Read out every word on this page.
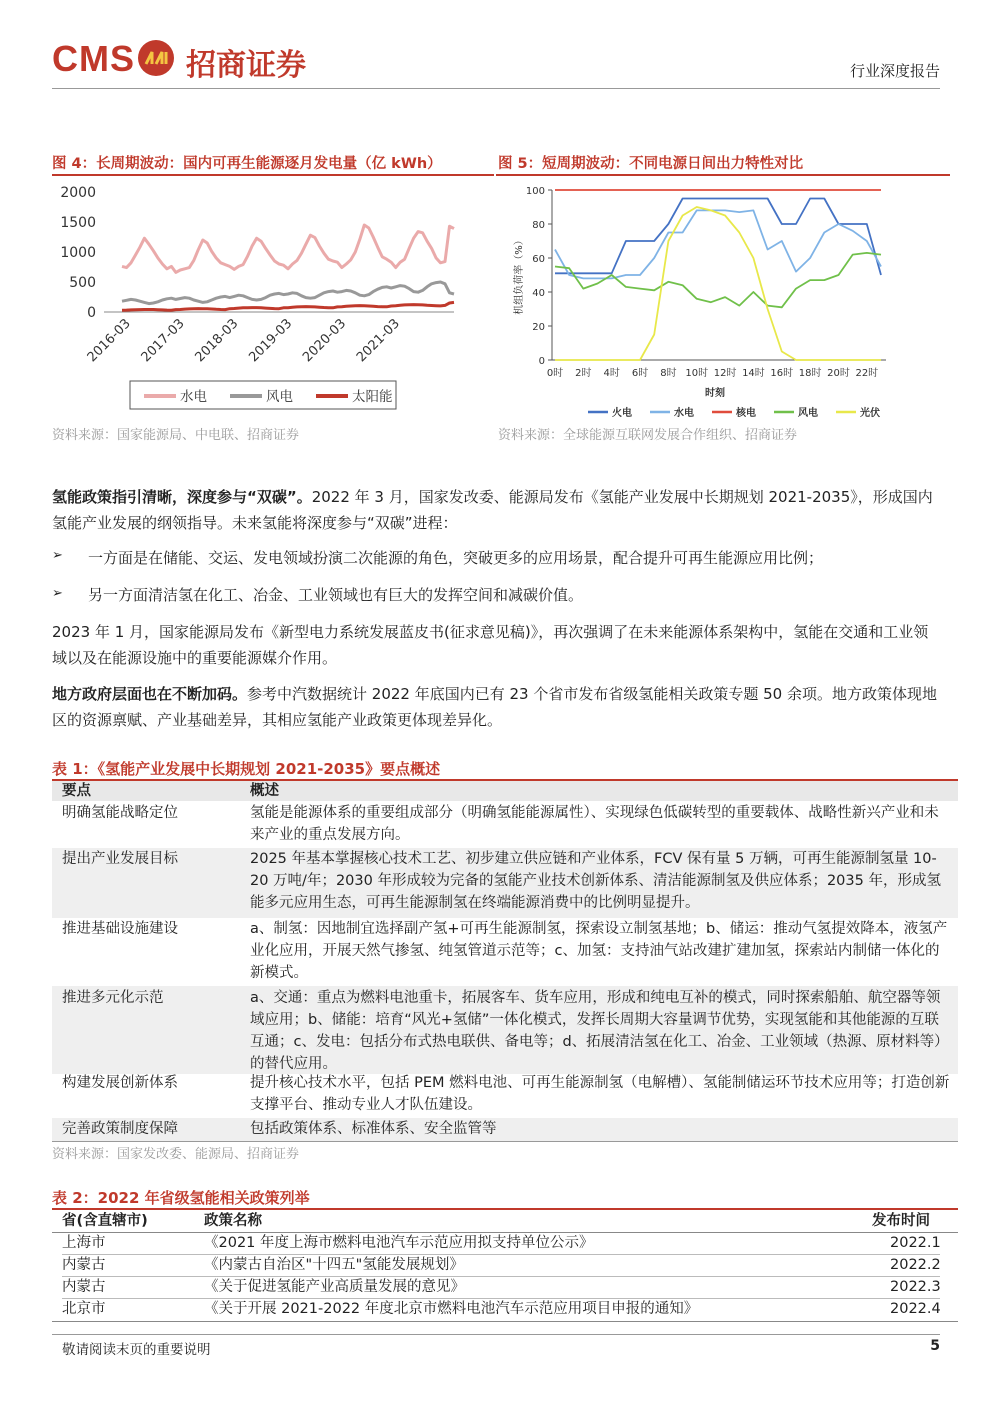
CMS 招商证券	行业深度报告
图 4：长周期波动：国内可再生能源逐月发电量（亿 kWh）	图 5：短周期波动：不同电源日间出力特性对比
0
500
1000
1500
2000
2016-03 2017-03 2018-03 2019-03 2020-03 2021-03
水电	风电	太阳能
0
20
40
60
80
100
机组负荷率（%）
0时 2时 4时 6时 8时 10时 12时 14时 16时 18时 20时 22时
时刻
火电	水电	核电	风电	光伏
资料来源：国家能源局、中电联、招商证券	资料来源：全球能源互联网发展合作组织、招商证券
氢能政策指引清晰，深度参与“双碳”。2022 年 3 月，国家发改委、能源局发布《氢能产业发展中长期规划 2021-2035》，形成国内氢能产业发展的纲领指导。未来氢能将深度参与“双碳”进程：
➢ 一方面是在储能、交运、发电领域扮演二次能源的角色，突破更多的应用场景，配合提升可再生能源应用比例；
➢ 另一方面清洁氢在化工、冶金、工业领域也有巨大的发挥空间和减碳价值。
2023 年 1 月，国家能源局发布《新型电力系统发展蓝皮书(征求意见稿)》，再次强调了在未来能源体系架构中，氢能在交通和工业领域以及在能源设施中的重要能源媒介作用。
地方政府层面也在不断加码。参考中汽数据统计 2022 年底国内已有 23 个省市发布省级氢能相关政策专题 50 余项。地方政策体现地区的资源禀赋、产业基础差异，其相应氢能产业政策更体现差异化。
表 1：《氢能产业发展中长期规划 2021-2035》要点概述
要点	概述
明确氢能战略定位	氢能是能源体系的重要组成部分（明确氢能能源属性）、实现绿色低碳转型的重要载体、战略性新兴产业和未来产业的重点发展方向。
提出产业发展目标	2025 年基本掌握核心技术工艺、初步建立供应链和产业体系，FCV 保有量 5 万辆，可再生能源制氢量 10-20 万吨/年；2030 年形成较为完备的氢能产业技术创新体系、清洁能源制氢及供应体系；2035 年，形成氢能多元应用生态，可再生能源制氢在终端能源消费中的比例明显提升。
推进基础设施建设	a、制氢：因地制宜选择副产氢+可再生能源制氢，探索设立制氢基地；b、储运：推动气氢提效降本，液氢产业化应用，开展天然气掺氢、纯氢管道示范等；c、加氢：支持油气站改建扩建加氢，探索站内制储一体化的新模式。
推进多元化示范	a、交通：重点为燃料电池重卡，拓展客车、货车应用，形成和纯电互补的模式，同时探索船舶、航空器等领域应用；b、储能：培育“风光+氢储”一体化模式，发挥长周期大容量调节优势，实现氢能和其他能源的互联互通；c、发电：包括分布式热电联供、备电等；d、拓展清洁氢在化工、冶金、工业领域（热源、原材料等）的替代应用。
构建发展创新体系	提升核心技术水平，包括 PEM 燃料电池、可再生能源制氢（电解槽）、氢能制储运环节技术应用等；打造创新支撑平台、推动专业人才队伍建设。
完善政策制度保障	包括政策体系、标准体系、安全监管等
资料来源：国家发改委、能源局、招商证券
表 2：2022 年省级氢能相关政策列举
省(含直辖市)	政策名称	发布时间
上海市	《2021 年度上海市燃料电池汽车示范应用拟支持单位公示》	2022.1
内蒙古	《内蒙古自治区"十四五"氢能发展规划》	2022.2
内蒙古	《关于促进氢能产业高质量发展的意见》	2022.3
北京市	《关于开展 2021-2022 年度北京市燃料电池汽车示范应用项目申报的通知》	2022.4
敬请阅读末页的重要说明	5
